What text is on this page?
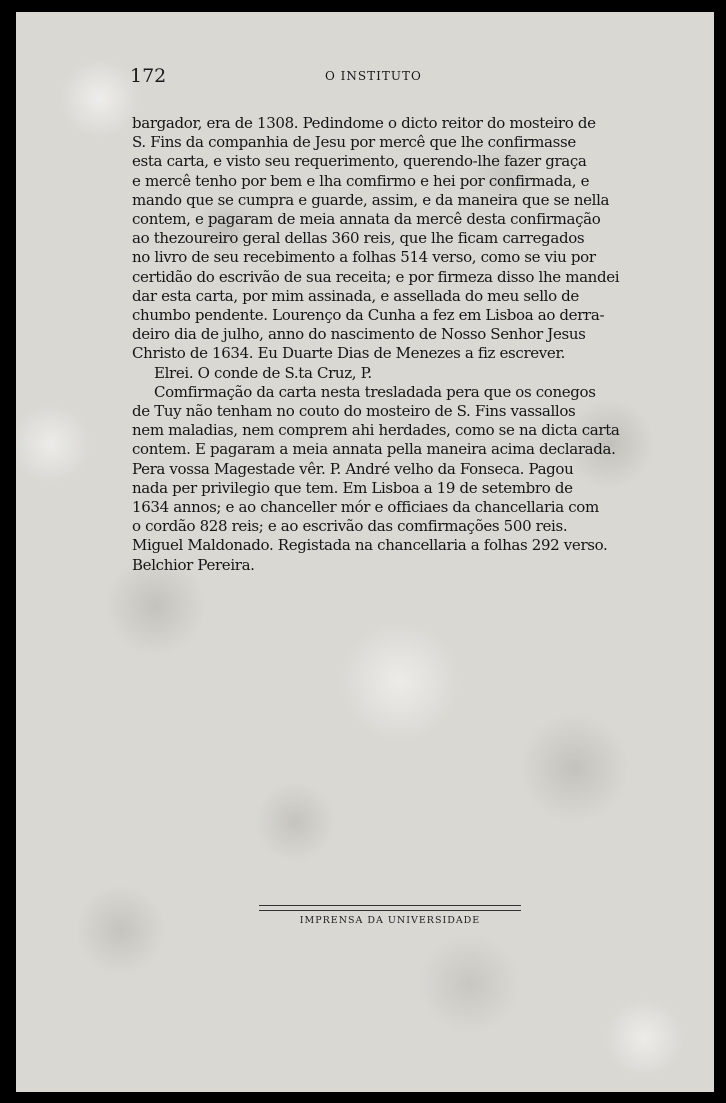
172	O INSTITUTO
bargador, era de 1308. Pedindome o dicto reitor do mosteiro de
S. Fins da companhia de Jesu por mercê que lhe confirmasse
esta carta, e visto seu requerimento, querendo-lhe fazer graça
e mercê tenho por bem e lha comfirmo e hei por confirmada, e
mando que se cumpra e guarde, assim, e da maneira que se nella
contem, e pagaram de meia annata da mercê desta confirmação
ao thezoureiro geral dellas 360 reis, que lhe ficam carregados
no livro de seu recebimento a folhas 514 verso, como se viu por
certidão do escrivão de sua receita; e por firmeza disso lhe mandei
dar esta carta, por mim assinada, e assellada do meu sello de
chumbo pendente. Lourenço da Cunha a fez em Lisboa ao derra-
deiro dia de julho, anno do nascimento de Nosso Senhor Jesus
Christo de 1634. Eu Duarte Dias de Menezes a fiz escrever.
Elrei. O conde de S.ta Cruz, P.
Comfirmação da carta nesta tresladada pera que os conegos
de Tuy não tenham no couto do mosteiro de S. Fins vassallos
nem maladias, nem comprem ahi herdades, como se na dicta carta
contem. E pagaram a meia annata pella maneira acima declarada.
Pera vossa Magestade vêr. P. André velho da Fonseca. Pagou
nada per privilegio que tem. Em Lisboa a 19 de setembro de
1634 annos; e ao chanceller mór e officiaes da chancellaria com
o cordão 828 reis; e ao escrivão das comfirmações 500 reis.
Miguel Maldonado. Registada na chancellaria a folhas 292 verso.
Belchior Pereira.
IMPRENSA DA UNIVERSIDADE
